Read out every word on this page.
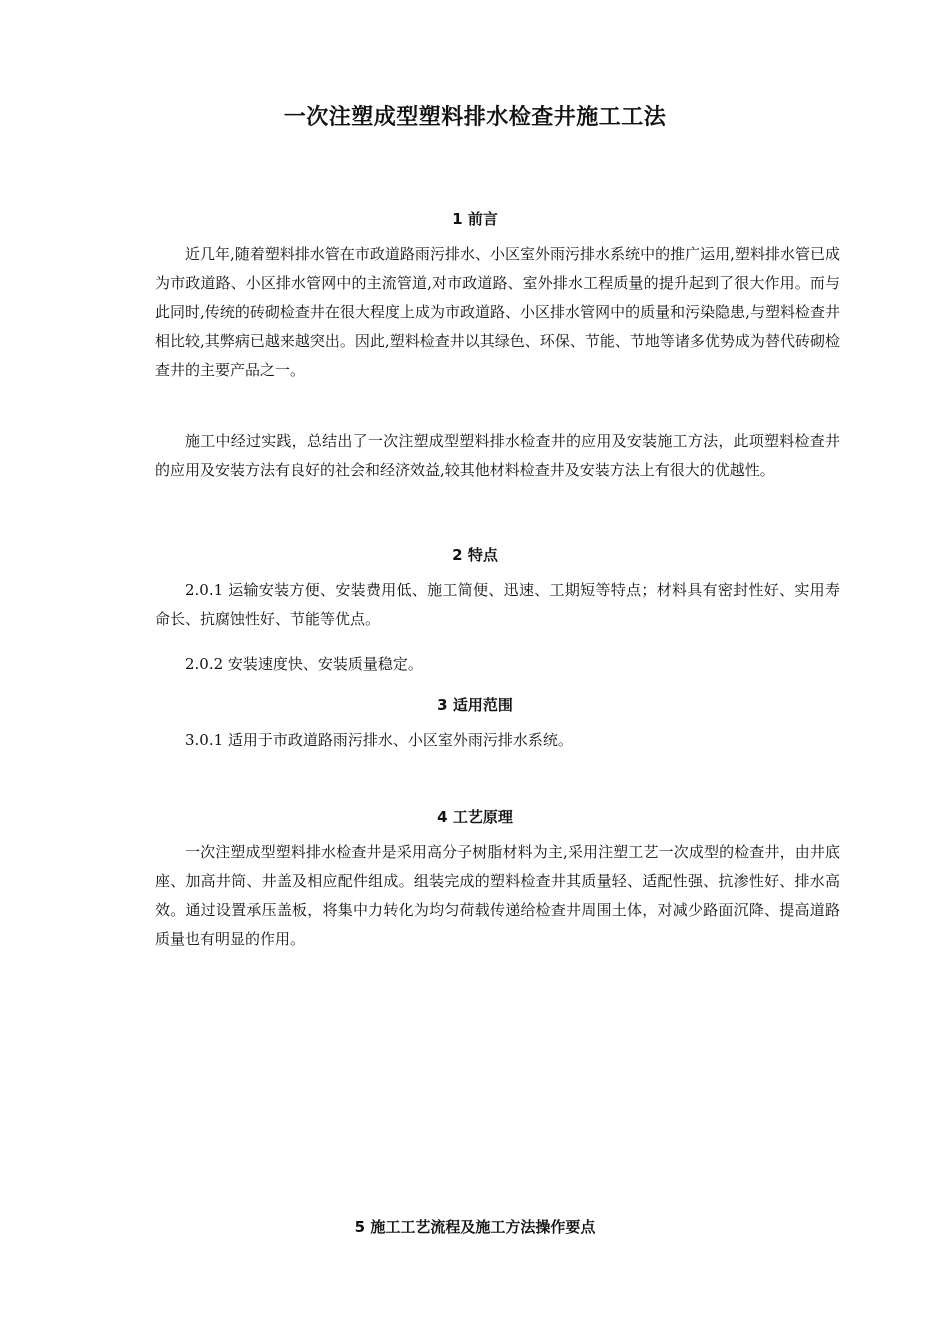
一次注塑成型塑料排水检查井施工工法
1 前言

近几年,随着塑料排水管在市政道路雨污排水、小区室外雨污排水系统中的推广运用,塑料排水管已成为市政道路、小区排水管网中的主流管道,对市政道路、室外排水工程质量的提升起到了很大作用。而与此同时,传统的砖砌检查井在很大程度上成为市政道路、小区排水管网中的质量和污染隐患,与塑料检查井相比较,其弊病已越来越突出。因此,塑料检查井以其绿色、环保、节能、节地等诸多优势成为替代砖砌检查井的主要产品之一。

施工中经过实践，总结出了一次注塑成型塑料排水检查井的应用及安装施工方法，此项塑料检查井的应用及安装方法有良好的社会和经济效益,较其他材料检查井及安装方法上有很大的优越性。

2 特点

2.0.1 运输安装方便、安装费用低、施工简便、迅速、工期短等特点；材料具有密封性好、实用寿命长、抗腐蚀性好、节能等优点。

2.0.2 安装速度快、安装质量稳定。

3 适用范围

3.0.1 适用于市政道路雨污排水、小区室外雨污排水系统。

4 工艺原理

一次注塑成型塑料排水检查井是采用高分子树脂材料为主,采用注塑工艺一次成型的检查井，由井底座、加高井筒、井盖及相应配件组成。组装完成的塑料检查井其质量轻、适配性强、抗渗性好、排水高效。通过设置承压盖板，将集中力转化为均匀荷载传递给检查井周围土体，对减少路面沉降、提高道路质量也有明显的作用。

5 施工工艺流程及施工方法操作要点
